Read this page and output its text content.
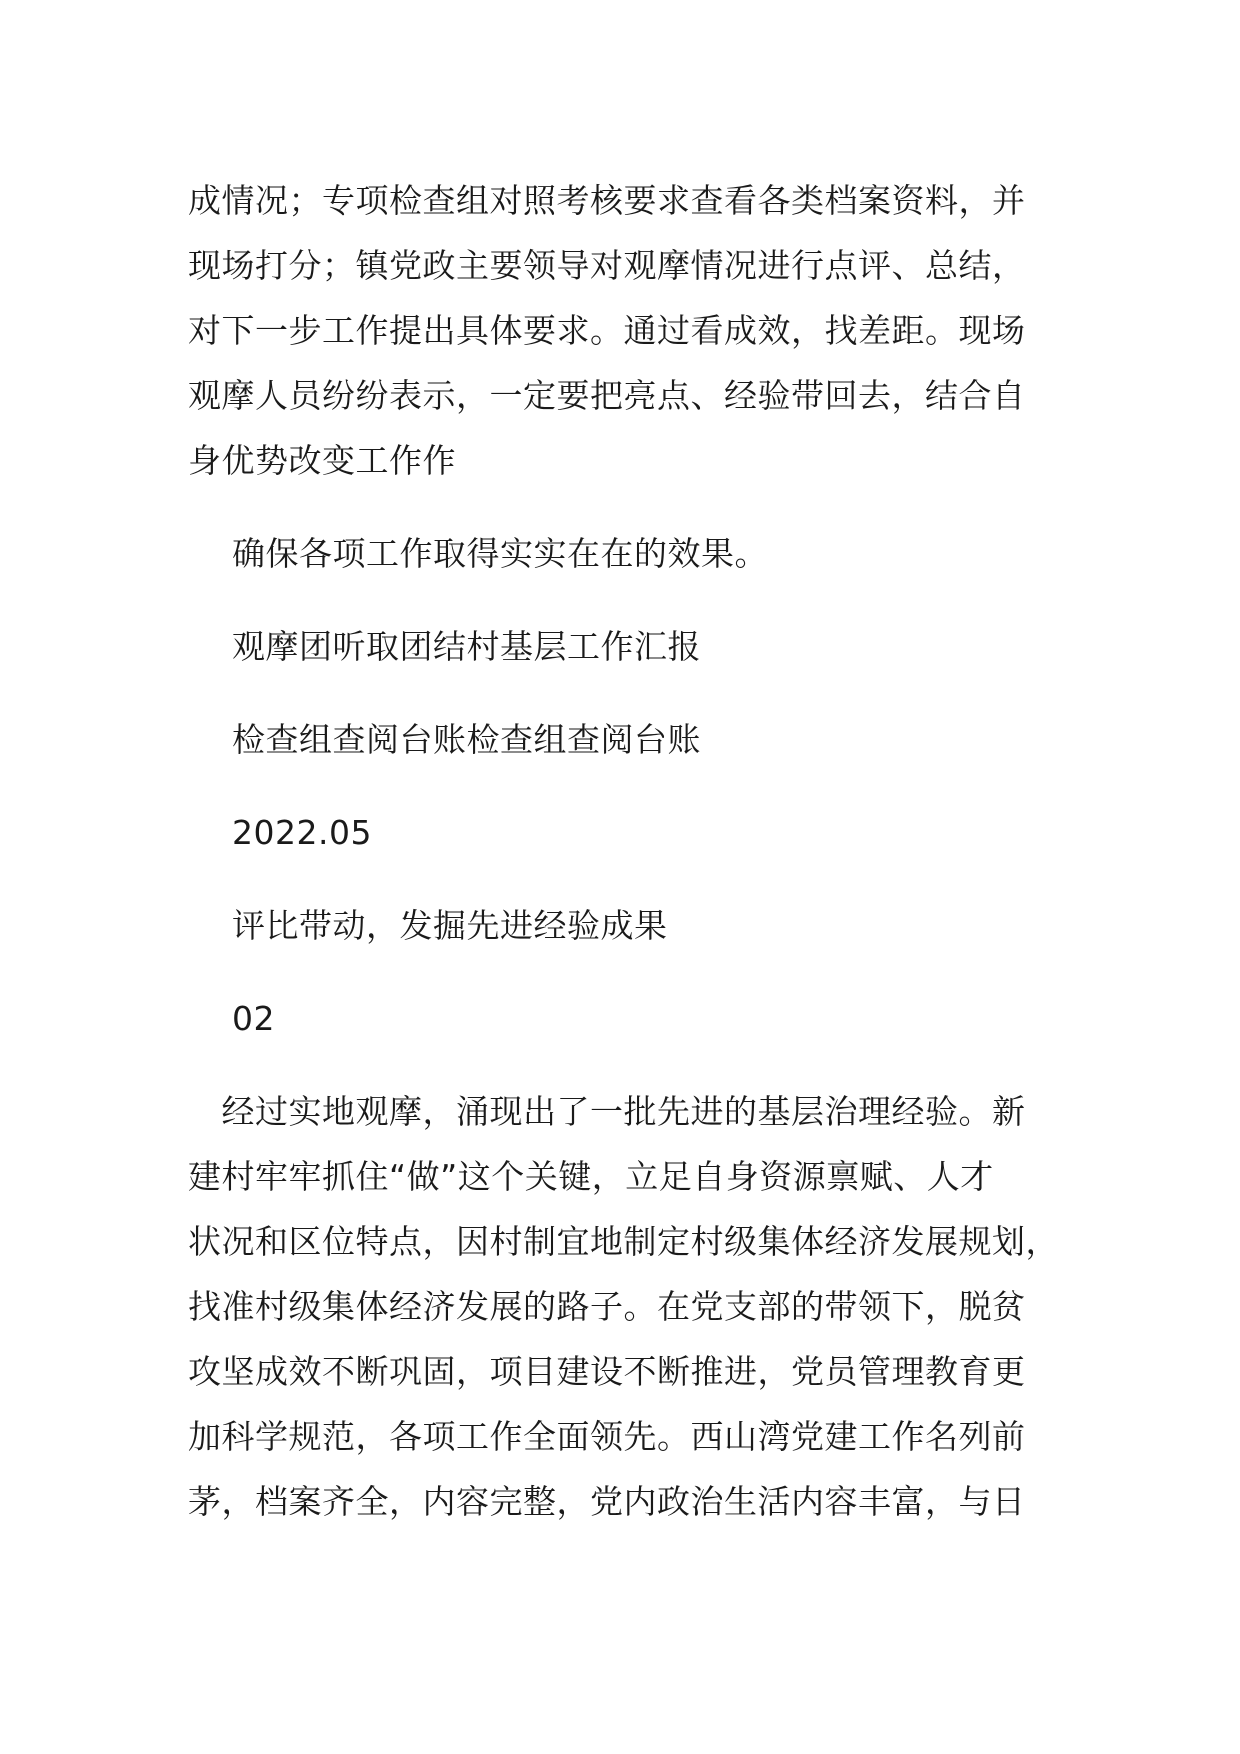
成情况；专项检查组对照考核要求查看各类档案资料，并
现场打分；镇党政主要领导对观摩情况进行点评、总结，
对下一步工作提出具体要求。通过看成效，找差距。现场
观摩人员纷纷表示，一定要把亮点、经验带回去，结合自
身优势改变工作作
确保各项工作取得实实在在的效果。
观摩团听取团结村基层工作汇报
检查组查阅台账检查组查阅台账
2022.05
评比带动，发掘先进经验成果
02
　经过实地观摩，涌现出了一批先进的基层治理经验。新
建村牢牢抓住“做”这个关键，立足自身资源禀赋、人才
状况和区位特点，因村制宜地制定村级集体经济发展规划，
找准村级集体经济发展的路子。在党支部的带领下，脱贫
攻坚成效不断巩固，项目建设不断推进，党员管理教育更
加科学规范，各项工作全面领先。西山湾党建工作名列前
茅，档案齐全，内容完整，党内政治生活内容丰富，与日
